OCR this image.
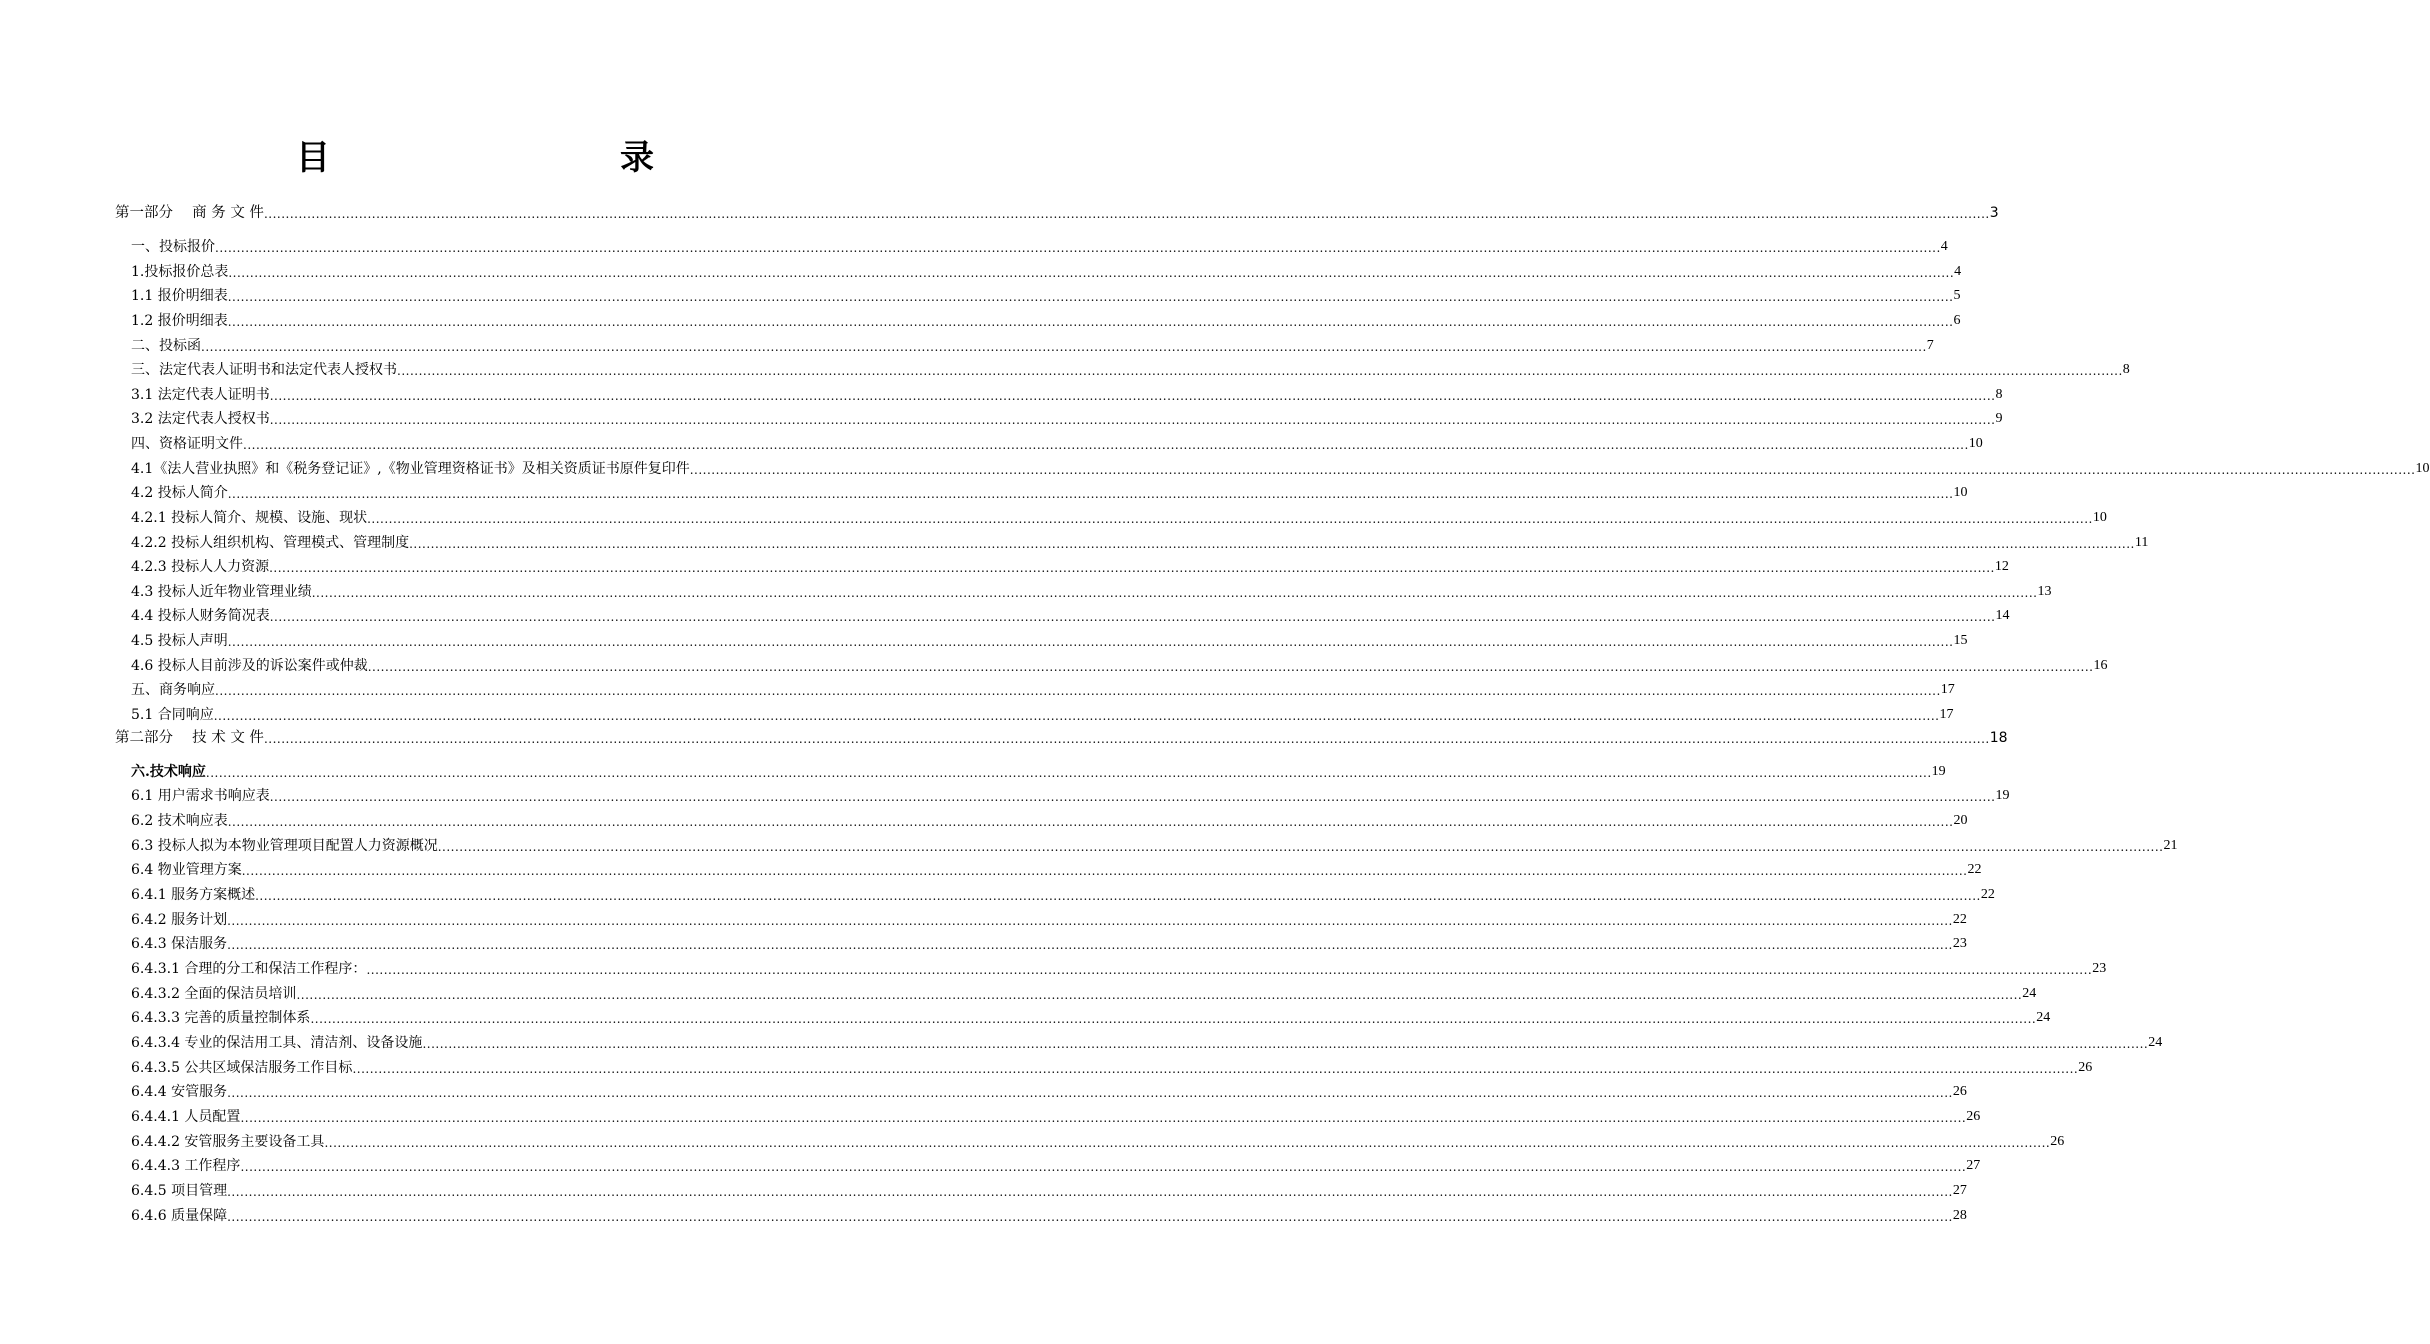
目　　录
第一部分　 商 务 文 件 ................................................................................................................................................................................................................................................................................................................................................................................................................ 3
一、投标报价 ................................................................................................................................................................................................................................................................................................................................................................................................................ 4
1.投标报价总表 ................................................................................................................................................................................................................................................................................................................................................................................................................ 4
1.1 报价明细表 ................................................................................................................................................................................................................................................................................................................................................................................................................ 5
1.2 报价明细表 ................................................................................................................................................................................................................................................................................................................................................................................................................ 6
二、投标函 ................................................................................................................................................................................................................................................................................................................................................................................................................ 7
三、法定代表人证明书和法定代表人授权书 ................................................................................................................................................................................................................................................................................................................................................................................................................ 8
3.1 法定代表人证明书 ................................................................................................................................................................................................................................................................................................................................................................................................................ 8
3.2 法定代表人授权书 ................................................................................................................................................................................................................................................................................................................................................................................................................ 9
四、资格证明文件 ................................................................................................................................................................................................................................................................................................................................................................................................................ 10
4.1《法人营业执照》和《税务登记证》,《物业管理资格证书》及相关资质证书原件复印件 ................................................................................................................................................................................................................................................................................................................................................................................................................ 10
4.2 投标人简介 ................................................................................................................................................................................................................................................................................................................................................................................................................ 10
4.2.1 投标人简介、规模、设施、现状 ................................................................................................................................................................................................................................................................................................................................................................................................................ 10
4.2.2 投标人组织机构、管理模式、管理制度 ................................................................................................................................................................................................................................................................................................................................................................................................................ 11
4.2.3 投标人人力资源 ................................................................................................................................................................................................................................................................................................................................................................................................................ 12
4.3 投标人近年物业管理业绩 ................................................................................................................................................................................................................................................................................................................................................................................................................ 13
4.4 投标人财务简况表 ................................................................................................................................................................................................................................................................................................................................................................................................................ 14
4.5 投标人声明 ................................................................................................................................................................................................................................................................................................................................................................................................................ 15
4.6 投标人目前涉及的诉讼案件或仲裁 ................................................................................................................................................................................................................................................................................................................................................................................................................ 16
五、商务响应 ................................................................................................................................................................................................................................................................................................................................................................................................................ 17
5.1 合同响应 ................................................................................................................................................................................................................................................................................................................................................................................................................ 17
第二部分　 技 术 文 件 ................................................................................................................................................................................................................................................................................................................................................................................................................ 18
六.技术响应 ................................................................................................................................................................................................................................................................................................................................................................................................................ 19
6.1 用户需求书响应表 ................................................................................................................................................................................................................................................................................................................................................................................................................ 19
6.2 技术响应表 ................................................................................................................................................................................................................................................................................................................................................................................................................ 20
6.3 投标人拟为本物业管理项目配置人力资源概况 ................................................................................................................................................................................................................................................................................................................................................................................................................ 21
6.4 物业管理方案 ................................................................................................................................................................................................................................................................................................................................................................................................................ 22
6.4.1 服务方案概述 ................................................................................................................................................................................................................................................................................................................................................................................................................ 22
6.4.2 服务计划 ................................................................................................................................................................................................................................................................................................................................................................................................................ 22
6.4.3 保洁服务 ................................................................................................................................................................................................................................................................................................................................................................................................................ 23
6.4.3.1 合理的分工和保洁工作程序： ................................................................................................................................................................................................................................................................................................................................................................................................................ 23
6.4.3.2 全面的保洁员培训 ................................................................................................................................................................................................................................................................................................................................................................................................................ 24
6.4.3.3 完善的质量控制体系 ................................................................................................................................................................................................................................................................................................................................................................................................................ 24
6.4.3.4 专业的保洁用工具、清洁剂、设备设施 ................................................................................................................................................................................................................................................................................................................................................................................................................ 24
6.4.3.5 公共区域保洁服务工作目标 ................................................................................................................................................................................................................................................................................................................................................................................................................ 26
6.4.4 安管服务 ................................................................................................................................................................................................................................................................................................................................................................................................................ 26
6.4.4.1 人员配置 ................................................................................................................................................................................................................................................................................................................................................................................................................ 26
6.4.4.2 安管服务主要设备工具 ................................................................................................................................................................................................................................................................................................................................................................................................................ 26
6.4.4.3 工作程序 ................................................................................................................................................................................................................................................................................................................................................................................................................ 27
6.4.5 项目管理 ................................................................................................................................................................................................................................................................................................................................................................................................................ 27
6.4.6 质量保障 ................................................................................................................................................................................................................................................................................................................................................................................................................ 28
